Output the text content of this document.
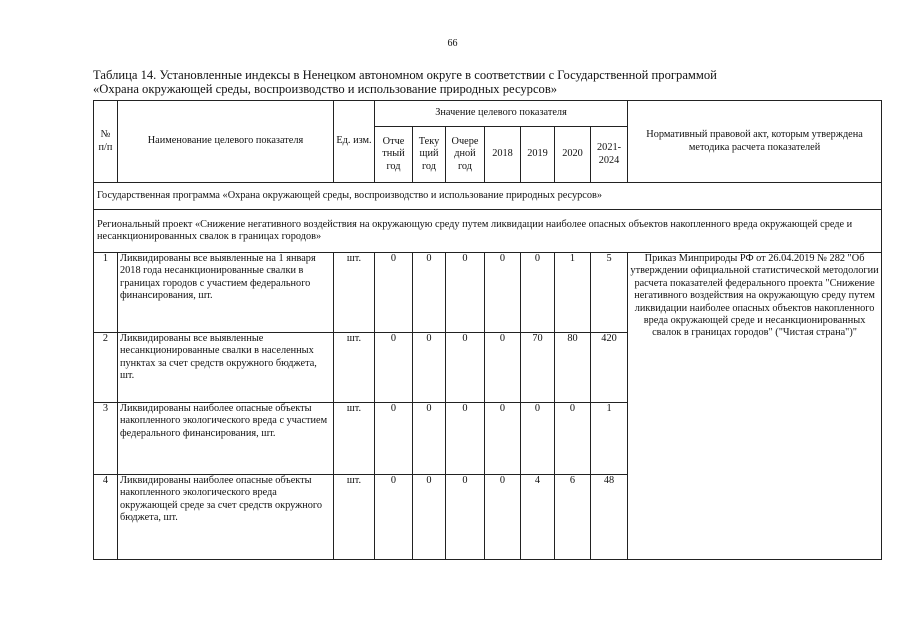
66
Таблица 14. Установленные индексы в Ненецком автономном округе в соответствии с Государственной программой
«Охрана окружающей среды, воспроизводство и использование природных ресурсов»
№ п/п	Наименование целевого показателя	Ед. изм.	Значение целевого показателя							Нормативный правовой акт, которым утверждена методика расчета показателей
			Отче тный год	Теку щий год	Очере дной год	2018	2019	2020	2021- 2024	
Государственная программа «Охрана окружающей среды, воспроизводство и использование природных ресурсов»										
Региональный проект «Снижение негативного воздействия на окружающую среду путем ликвидации наиболее опасных объектов накопленного вреда окружающей среде и несанкционированных свалок в границах городов»										
1	Ликвидированы все выявленные на 1 января 2018 года несанкционированные свалки в границах городов с участием федерального финансирования, шт.	шт.	0	0	0	0	0	1	5	Приказ Минприроды РФ от 26.04.2019 № 282 "Об утверждении официальной статистической методологии расчета показателей федерального проекта "Снижение негативного воздействия на окружающую среду путем ликвидации наиболее опасных объектов накопленного вреда окружающей среде и несанкционированных свалок в границах городов" ("Чистая страна")"
2	Ликвидированы все выявленные несанкционированные свалки в населенных пунктах за счет средств окружного бюджета, шт.	шт.	0	0	0	0	70	80	420	
3	Ликвидированы наиболее опасные объекты накопленного экологического вреда с участием федерального финансирования, шт.	шт.	0	0	0	0	0	0	1	
4	Ликвидированы наиболее опасные объекты накопленного экологического вреда окружающей среде за счет средств окружного бюджета, шт.	шт.	0	0	0	0	4	6	48	
